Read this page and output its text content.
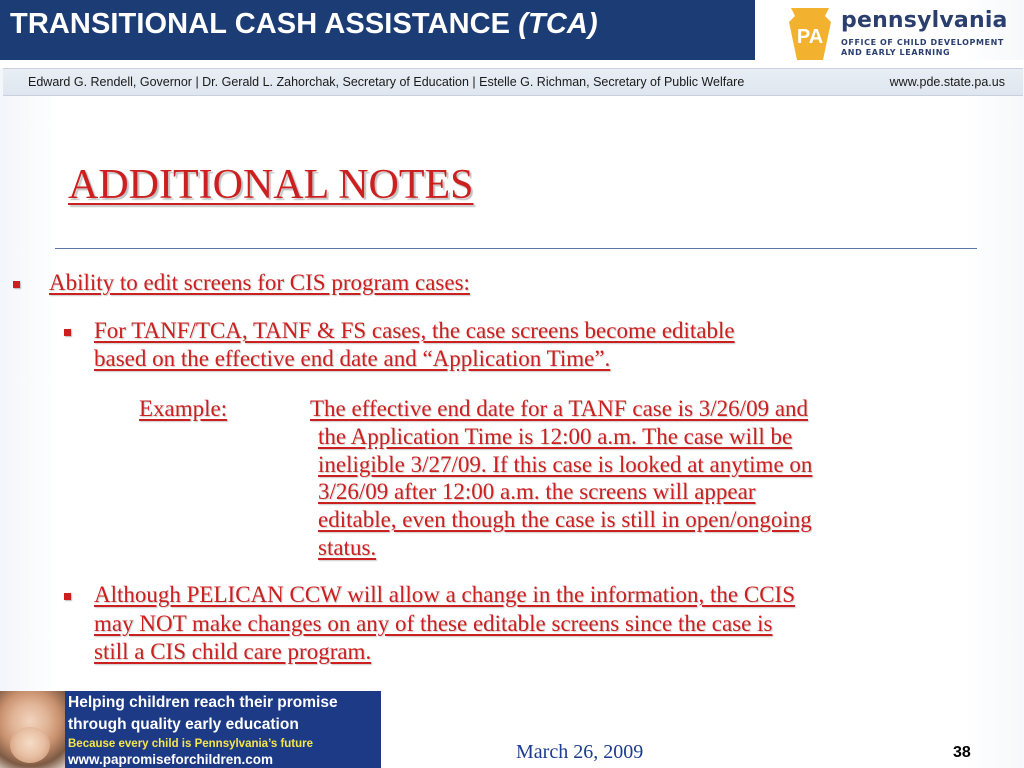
TRANSITIONAL CASH ASSISTANCE (TCA)	PA
pennsylvania
OFFICE OF CHILD DEVELOPMENT
AND EARLY LEARNING
Edward G. Rendell, Governor | Dr. Gerald L. Zahorchak, Secretary of Education | Estelle G. Richman, Secretary of Public Welfare	www.pde.state.pa.us
ADDITIONAL NOTES
Ability to edit screens for CIS program cases:
For TANF/TCA, TANF & FS cases, the case screens become editable
based on the effective end date and “Application Time”.
Example:	The effective end date for a TANF case is 3/26/09 and
the Application Time is 12:00 a.m. The case will be
ineligible 3/27/09. If this case is looked at anytime on
3/26/09 after 12:00 a.m. the screens will appear
editable, even though the case is still in open/ongoing
status.
Although PELICAN CCW will allow a change in the information, the CCIS
may NOT make changes on any of these editable screens since the case is
still a CIS child care program.
Helping children reach their promise
through quality early education
Because every child is Pennsylvania’s future
www.papromiseforchildren.com	March 26, 2009	38
